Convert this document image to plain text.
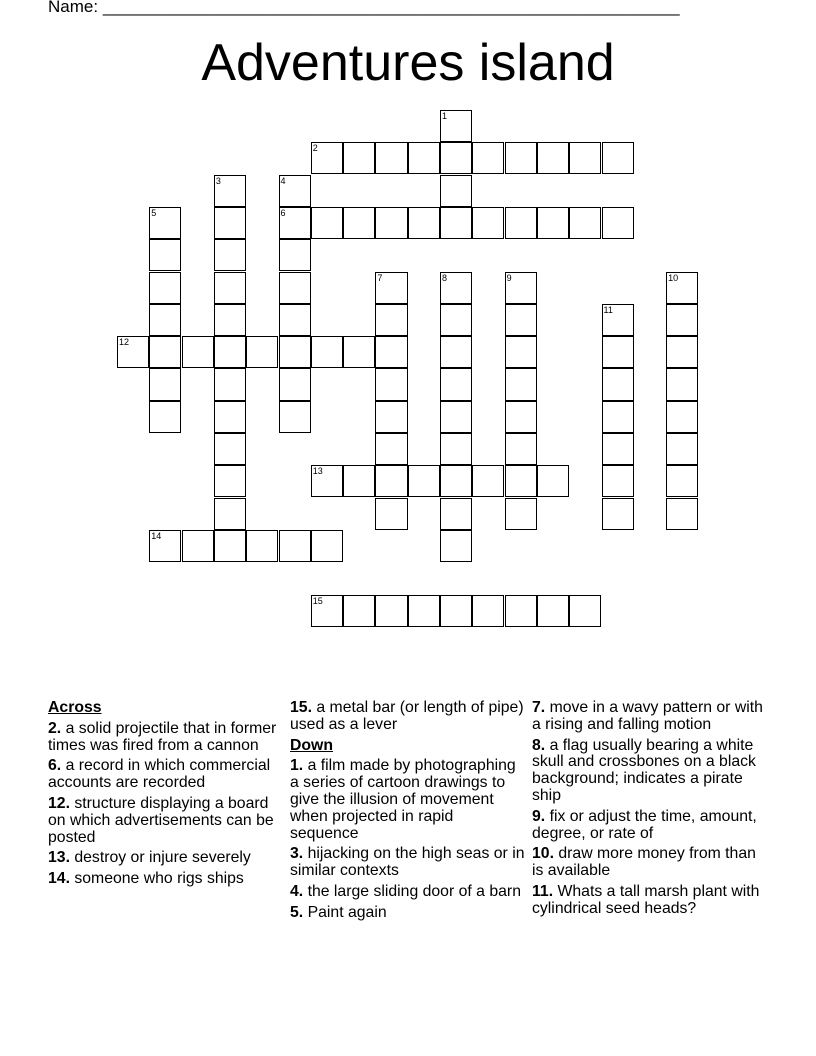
Name: _____________________________________________________________
Adventures island
1
2
3	4
6
5
7	8	9	10
11
12
13
14
15
Across
2. a solid projectile that in former times was fired from a cannon
6. a record in which commercial accounts are recorded
12. structure displaying a board on which advertisements can be posted
13. destroy or injure severely
14. someone who rigs ships
15. a metal bar (or length of pipe) used as a lever
Down
1. a film made by photographing a series of cartoon drawings to give the illusion of movement when projected in rapid sequence
3. hijacking on the high seas or in similar contexts
4. the large sliding door of a barn
5. Paint again
7. move in a wavy pattern or with a rising and falling motion
8. a flag usually bearing a white skull and crossbones on a black background; indicates a pirate ship
9. fix or adjust the time, amount, degree, or rate of
10. draw more money from than is available
11. Whats a tall marsh plant with cylindrical seed heads?
